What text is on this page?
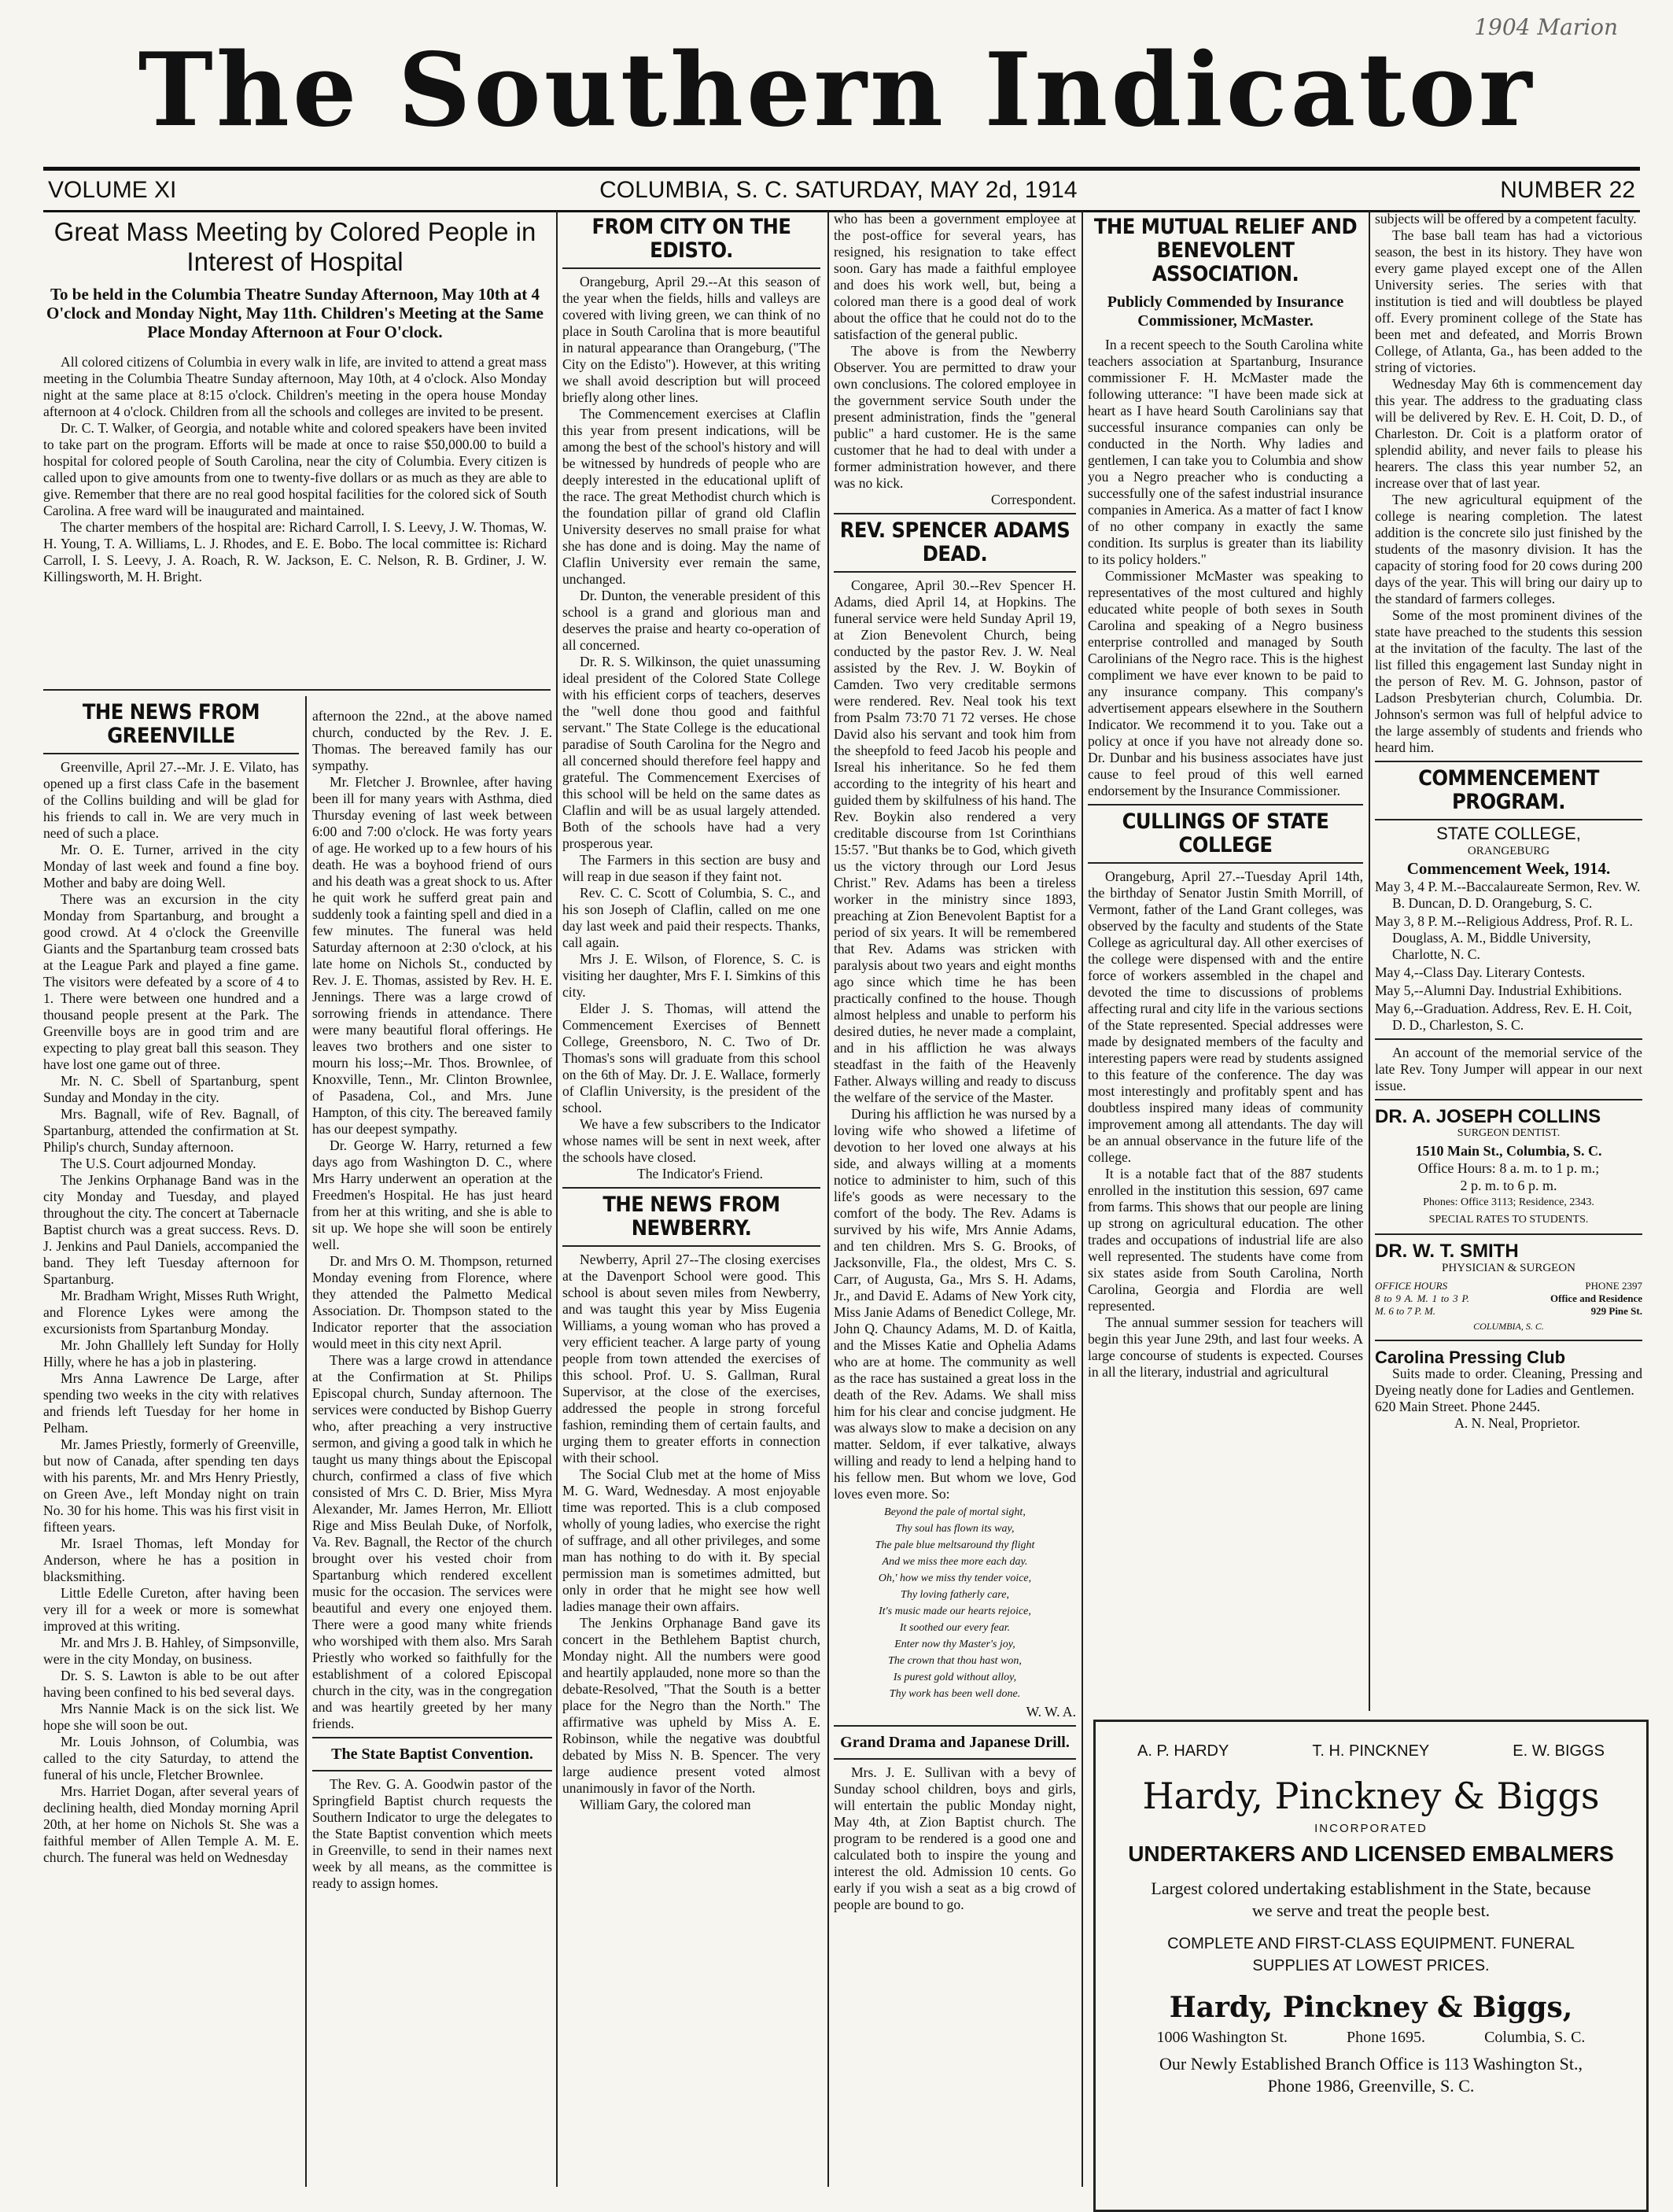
1904 Marion
The Southern Indicator
VOLUME XI	COLUMBIA, S. C. SATURDAY, MAY 2d, 1914	NUMBER 22
Great Mass Meeting by Colored People in Interest of Hospital
To be held in the Columbia Theatre Sunday Afternoon, May 10th at 4 O'clock and Monday Night, May 11th. Children's Meeting at the Same Place Monday Afternoon at Four O'clock.

All colored citizens of Columbia in every walk in life, are invited to attend a great mass meeting in the Columbia Theatre Sunday afternoon, May 10th, at 4 o'clock. Also Monday night at the same place at 8:15 o'clock. Children's meeting in the opera house Monday afternoon at 4 o'clock. Children from all the schools and colleges are invited to be present.

Dr. C. T. Walker, of Georgia, and notable white and colored speakers have been invited to take part on the program. Efforts will be made at once to raise $50,000.00 to build a hospital for colored people of South Carolina, near the city of Columbia. Every citizen is called upon to give amounts from one to twenty-five dollars or as much as they are able to give. Remember that there are no real good hospital facilities for the colored sick of South Carolina. A free ward will be inaugurated and maintained.

The charter members of the hospital are: Richard Carroll, I. S. Leevy, J. W. Thomas, W. H. Young, T. A. Williams, L. J. Rhodes, and E. E. Bobo. The local committee is: Richard Carroll, I. S. Leevy, J. A. Roach, R. W. Jackson, E. C. Nelson, R. B. Grdiner, J. W. Killingsworth, M. H. Bright.

THE NEWS FROM GREENVILLE

Greenville, April 27.--Mr. J. E. Vilato, has opened up a first class Cafe in the basement of the Collins building and will be glad for his friends to call in. We are very much in need of such a place.

Mr. O. E. Turner, arrived in the city Monday of last week and found a fine boy. Mother and baby are doing Well.

There was an excursion in the city Monday from Spartanburg, and brought a good crowd. At 4 o'clock the Greenville Giants and the Spartanburg team crossed bats at the League Park and played a fine game. The visitors were defeated by a score of 4 to 1. There were between one hundred and a thousand people present at the Park. The Greenville boys are in good trim and are expecting to play great ball this season. They have lost one game out of three.

Mr. N. C. Sbell of Spartanburg, spent Sunday and Monday in the city.

Mrs. Bagnall, wife of Rev. Bagnall, of Spartanburg, attended the confirmation at St. Philip's church, Sunday afternoon.

The U.S. Court adjourned Monday.

The Jenkins Orphanage Band was in the city Monday and Tuesday, and played throughout the city. The concert at Tabernacle Baptist church was a great success. Revs. D. J. Jenkins and Paul Daniels, accompanied the band. They left Tuesday afternoon for Spartanburg.

Mr. Bradham Wright, Misses Ruth Wright, and Florence Lykes were among the excursionists from Spartanburg Monday.

Mr. John Ghalllely left Sunday for Holly Hilly, where he has a job in plastering.

Mrs Anna Lawrence De Large, after spending two weeks in the city with relatives and friends left Tuesday for her home in Pelham.

Mr. James Priestly, formerly of Greenville, but now of Canada, after spending ten days with his parents, Mr. and Mrs Henry Priestly, on Green Ave., left Monday night on train No. 30 for his home. This was his first visit in fifteen years.

Mr. Israel Thomas, left Monday for Anderson, where he has a position in blacksmithing.

Little Edelle Cureton, after having been very ill for a week or more is somewhat improved at this writing.

Mr. and Mrs J. B. Hahley, of Simpsonville, were in the city Monday, on business.

Dr. S. S. Lawton is able to be out after having been confined to his bed several days.

Mrs Nannie Mack is on the sick list. We hope she will soon be out.

Mr. Louis Johnson, of Columbia, was called to the city Saturday, to attend the funeral of his uncle, Fletcher Brownlee.

Mrs. Harriet Dogan, after several years of declining health, died Monday morning April 20th, at her home on Nichols St. She was a faithful member of Allen Temple A. M. E. church. The funeral was held on Wednesday

afternoon the 22nd., at the above named church, conducted by the Rev. J. E. Thomas. The bereaved family has our sympathy.

Mr. Fletcher J. Brownlee, after having been ill for many years with Asthma, died Thursday evening of last week between 6:00 and 7:00 o'clock. He was forty years of age. He worked up to a few hours of his death. He was a boyhood friend of ours and his death was a great shock to us. After he quit work he sufferd great pain and suddenly took a fainting spell and died in a few minutes. The funeral was held Saturday afternoon at 2:30 o'clock, at his late home on Nichols St., conducted by Rev. J. E. Thomas, assisted by Rev. H. E. Jennings. There was a large crowd of sorrowing friends in attendance. There were many beautiful floral offerings. He leaves two brothers and one sister to mourn his loss;--Mr. Thos. Brownlee, of Knoxville, Tenn., Mr. Clinton Brownlee, of Pasadena, Col., and Mrs. June Hampton, of this city. The bereaved family has our deepest sympathy.

Dr. George W. Harry, returned a few days ago from Washington D. C., where Mrs Harry underwent an operation at the Freedmen's Hospital. He has just heard from her at this writing, and she is able to sit up. We hope she will soon be entirely well.

Dr. and Mrs O. M. Thompson, returned Monday evening from Florence, where they attended the Palmetto Medical Association. Dr. Thompson stated to the Indicator reporter that the association would meet in this city next April.

There was a large crowd in attendance at the Confirmation at St. Philips Episcopal church, Sunday afternoon. The services were conducted by Bishop Guerry who, after preaching a very instructive sermon, and giving a good talk in which he taught us many things about the Episcopal church, confirmed a class of five which consisted of Mrs C. D. Brier, Miss Myra Alexander, Mr. James Herron, Mr. Elliott Rige and Miss Beulah Duke, of Norfolk, Va. Rev. Bagnall, the Rector of the church brought over his vested choir from Spartanburg which rendered excellent music for the occasion. The services were beautiful and every one enjoyed them. There were a good many white friends who worshiped with them also. Mrs Sarah Priestly who worked so faithfully for the establishment of a colored Episcopal church in the city, was in the congregation and was heartily greeted by her many friends.

The State Baptist Convention.

The Rev. G. A. Goodwin pastor of the Springfield Baptist church requests the Southern Indicator to urge the delegates to the State Baptist convention which meets in Greenville, to send in their names next week by all means, as the committee is ready to assign homes.

FROM CITY ON THE EDISTO.

Orangeburg, April 29.--At this season of the year when the fields, hills and valleys are covered with living green, we can think of no place in South Carolina that is more beautiful in natural appearance than Orangeburg, ("The City on the Edisto"). However, at this writing we shall avoid description but will proceed briefly along other lines.

The Commencement exercises at Claflin this year from present indications, will be among the best of the school's history and will be witnessed by hundreds of people who are deeply interested in the educational uplift of the race. The great Methodist church which is the foundation pillar of grand old Claflin University deserves no small praise for what she has done and is doing. May the name of Claflin University ever remain the same, unchanged.

Dr. Dunton, the venerable president of this school is a grand and glorious man and deserves the praise and hearty co-operation of all concerned.

Dr. R. S. Wilkinson, the quiet unassuming ideal president of the Colored State College with his efficient corps of teachers, deserves the "well done thou good and faithful servant." The State College is the educational paradise of South Carolina for the Negro and all concerned should therefore feel happy and grateful. The Commencement Exercises of this school will be held on the same dates as Claflin and will be as usual largely attended. Both of the schools have had a very prosperous year.

The Farmers in this section are busy and will reap in due season if they faint not.

Rev. C. C. Scott of Columbia, S. C., and his son Joseph of Claflin, called on me one day last week and paid their respects. Thanks, call again.

Mrs J. E. Wilson, of Florence, S. C. is visiting her daughter, Mrs F. I. Simkins of this city.

Elder J. S. Thomas, will attend the Commencement Exercises of Bennett College, Greensboro, N. C. Two of Dr. Thomas's sons will graduate from this school on the 6th of May. Dr. J. E. Wallace, formerly of Claflin University, is the president of the school.

We have a few subscribers to the Indicator whose names will be sent in next week, after the schools have closed.

The Indicator's Friend.

THE NEWS FROM NEWBERRY.

Newberry, April 27--The closing exercises at the Davenport School were good. This school is about seven miles from Newberry, and was taught this year by Miss Eugenia Williams, a young woman who has proved a very efficient teacher. A large party of young people from town attended the exercises of this school. Prof. U. S. Gallman, Rural Supervisor, at the close of the exercises, addressed the people in strong forceful fashion, reminding them of certain faults, and urging them to greater efforts in connection with their school.

The Social Club met at the home of Miss M. G. Ward, Wednesday. A most enjoyable time was reported. This is a club composed wholly of young ladies, who exercise the right of suffrage, and all other privileges, and some man has nothing to do with it. By special permission man is sometimes admitted, but only in order that he might see how well ladies manage their own affairs.

The Jenkins Orphanage Band gave its concert in the Bethlehem Baptist church, Monday night. All the numbers were good and heartily applauded, none more so than the debate-Resolved, "That the South is a better place for the Negro than the North." The affirmative was upheld by Miss A. E. Robinson, while the negative was doubtful debated by Miss N. B. Spencer. The very large audience present voted almost unanimously in favor of the North.

William Gary, the colored man

who has been a government employee at the post-office for several years, has resigned, his resignation to take effect soon. Gary has made a faithful employee and does his work well, but, being a colored man there is a good deal of work about the office that he could not do to the satisfaction of the general public.

The above is from the Newberry Observer. You are permitted to draw your own conclusions. The colored employee in the government service South under the present administration, finds the "general public" a hard customer. He is the same customer that he had to deal with under a former administration however, and there was no kick.

Correspondent.

REV. SPENCER ADAMS DEAD.

Congaree, April 30.--Rev Spencer H. Adams, died April 14, at Hopkins. The funeral service were held Sunday April 19, at Zion Benevolent Church, being conducted by the pastor Rev. J. W. Neal assisted by the Rev. J. W. Boykin of Camden. Two very creditable sermons were rendered. Rev. Neal took his text from Psalm 73:70 71 72 verses. He chose David also his servant and took him from the sheepfold to feed Jacob his people and Isreal his inheritance. So he fed them according to the integrity of his heart and guided them by skilfulness of his hand. The Rev. Boykin also rendered a very creditable discourse from 1st Corinthians 15:57. "But thanks be to God, which giveth us the victory through our Lord Jesus Christ." Rev. Adams has been a tireless worker in the ministry since 1893, preaching at Zion Benevolent Baptist for a period of six years. It will be remembered that Rev. Adams was stricken with paralysis about two years and eight months ago since which time he has been practically confined to the house. Though almost helpless and unable to perform his desired duties, he never made a complaint, and in his affliction he was always steadfast in the faith of the Heavenly Father. Always willing and ready to discuss the welfare of the service of the Master.

During his affliction he was nursed by a loving wife who showed a lifetime of devotion to her loved one always at his side, and always willing at a moments notice to administer to him, such of this life's goods as were necessary to the comfort of the body. The Rev. Adams is survived by his wife, Mrs Annie Adams, and ten children. Mrs S. G. Brooks, of Jacksonville, Fla., the oldest, Mrs C. S. Carr, of Augusta, Ga., Mrs S. H. Adams, Jr., and David E. Adams of New York city, Miss Janie Adams of Benedict College, Mr. John Q. Chauncy Adams, M. D. of Kaitla, and the Misses Katie and Ophelia Adams who are at home. The community as well as the race has sustained a great loss in the death of the Rev. Adams. We shall miss him for his clear and concise judgment. He was always slow to make a decision on any matter. Seldom, if ever talkative, always willing and ready to lend a helping hand to his fellow men. But whom we love, God loves even more. So:

Beyond the pale of mortal sight,
Thy soul has flown its way,
The pale blue meltsaround thy flight
And we miss thee more each day.
Oh,' how we miss thy tender voice,
Thy loving fatherly care,
It's music made our hearts rejoice,
It soothed our every fear.
Enter now thy Master's joy,
The crown that thou hast won,
Is purest gold without alloy,
Thy work has been well done.

W. W. A.

Grand Drama and Japanese Drill.

Mrs. J. E. Sullivan with a bevy of Sunday school children, boys and girls, will entertain the public Monday night, May 4th, at Zion Baptist church. The program to be rendered is a good one and calculated both to inspire the young and interest the old. Admission 10 cents. Go early if you wish a seat as a big crowd of people are bound to go.

THE MUTUAL RELIEF AND BENEVOLENT ASSOCIATION.
Publicly Commended by Insurance Commissioner, McMaster.

In a recent speech to the South Carolina white teachers association at Spartanburg, Insurance commissioner F. H. McMaster made the following utterance: "I have been made sick at heart as I have heard South Carolinians say that successful insurance companies can only be conducted in the North. Why ladies and gentlemen, I can take you to Columbia and show you a Negro preacher who is conducting a successfully one of the safest industrial insurance companies in America. As a matter of fact I know of no other company in exactly the same condition. Its surplus is greater than its liability to its policy holders."

Commissioner McMaster was speaking to representatives of the most cultured and highly educated white people of both sexes in South Carolina and speaking of a Negro business enterprise controlled and managed by South Carolinians of the Negro race. This is the highest compliment we have ever known to be paid to any insurance company. This company's advertisement appears elsewhere in the Southern Indicator. We recommend it to you. Take out a policy at once if you have not already done so. Dr. Dunbar and his business associates have just cause to feel proud of this well earned endorsement by the Insurance Commissioner.

CULLINGS OF STATE COLLEGE

Orangeburg, April 27.--Tuesday April 14th, the birthday of Senator Justin Smith Morrill, of Vermont, father of the Land Grant colleges, was observed by the faculty and students of the State College as agricultural day. All other exercises of the college were dispensed with and the entire force of workers assembled in the chapel and devoted the time to discussions of problems affecting rural and city life in the various sections of the State represented. Special addresses were made by designated members of the faculty and interesting papers were read by students assigned to this feature of the conference. The day was most interestingly and profitably spent and has doubtless inspired many ideas of community improvement among all attendants. The day will be an annual observance in the future life of the college.

It is a notable fact that of the 887 students enrolled in the institution this session, 697 came from farms. This shows that our people are lining up strong on agricultural education. The other trades and occupations of industrial life are also well represented. The students have come from six states aside from South Carolina, North Carolina, Georgia and Flordia are well represented.

The annual summer session for teachers will begin this year June 29th, and last four weeks. A large concourse of students is expected. Courses in all the literary, industrial and agricultural

subjects will be offered by a competent faculty.

The base ball team has had a victorious season, the best in its history. They have won every game played except one of the Allen University series. The series with that institution is tied and will doubtless be played off. Every prominent college of the State has been met and defeated, and Morris Brown College, of Atlanta, Ga., has been added to the string of victories.

Wednesday May 6th is commencement day this year. The address to the graduating class will be delivered by Rev. E. H. Coit, D. D., of Charleston. Dr. Coit is a platform orator of splendid ability, and never fails to please his hearers. The class this year number 52, an increase over that of last year.

The new agricultural equipment of the college is nearing completion. The latest addition is the concrete silo just finished by the students of the masonry division. It has the capacity of storing food for 20 cows during 200 days of the year. This will bring our dairy up to the standard of farmers colleges.

Some of the most prominent divines of the state have preached to the students this session at the invitation of the faculty. The last of the list filled this engagement last Sunday night in the person of Rev. M. G. Johnson, pastor of Ladson Presbyterian church, Columbia. Dr. Johnson's sermon was full of helpful advice to the large assembly of students and friends who heard him.

COMMENCEMENT PROGRAM.
STATE COLLEGE,
ORANGEBURG
Commencement Week, 1914.

May 3, 4 P. M.--Baccalaureate Sermon, Rev. W. B. Duncan, D. D. Orangeburg, S. C.

May 3, 8 P. M.--Religious Address, Prof. R. L. Douglass, A. M., Biddle University, Charlotte, N. C.

May 4,--Class Day. Literary Contests.

May 5,--Alumni Day. Industrial Exhibitions.

May 6,--Graduation. Address, Rev. E. H. Coit, D. D., Charleston, S. C.

An account of the memorial service of the late Rev. Tony Jumper will appear in our next issue.

DR. A. JOSEPH COLLINS
SURGEON DENTIST.
1510 Main St., Columbia, S. C.
Office Hours: 8 a. m. to 1 p. m.;
2 p. m. to 6 p. m.
Phones: Office 3113; Residence, 2343.
SPECIAL RATES TO STUDENTS.
DR. W. T. SMITH
PHYSICIAN & SURGEON
OFFICE HOURS
8 to 9 A. M. 1 to 3 P. M. 6 to 7 P. M.
PHONE 2397
Office and Residence
929 Pine St.
COLUMBIA, S. C.
Carolina Pressing Club

Suits made to order. Cleaning, Pressing and Dyeing neatly done for Ladies and Gentlemen.

620 Main Street. Phone 2445.

A. N. Neal, Proprietor.

A. P. HARDY	T. H. PINCKNEY	E. W. BIGGS
Hardy, Pinckney & Biggs
INCORPORATED
UNDERTAKERS AND LICENSED EMBALMERS
Largest colored undertaking establishment in the State, because we serve and treat the people best.
COMPLETE AND FIRST-CLASS EQUIPMENT. FUNERAL SUPPLIES AT LOWEST PRICES.
Hardy, Pinckney & Biggs,
1006 Washington St.	Phone 1695.	Columbia, S. C.
Our Newly Established Branch Office is 113 Washington St., Phone 1986, Greenville, S. C.
